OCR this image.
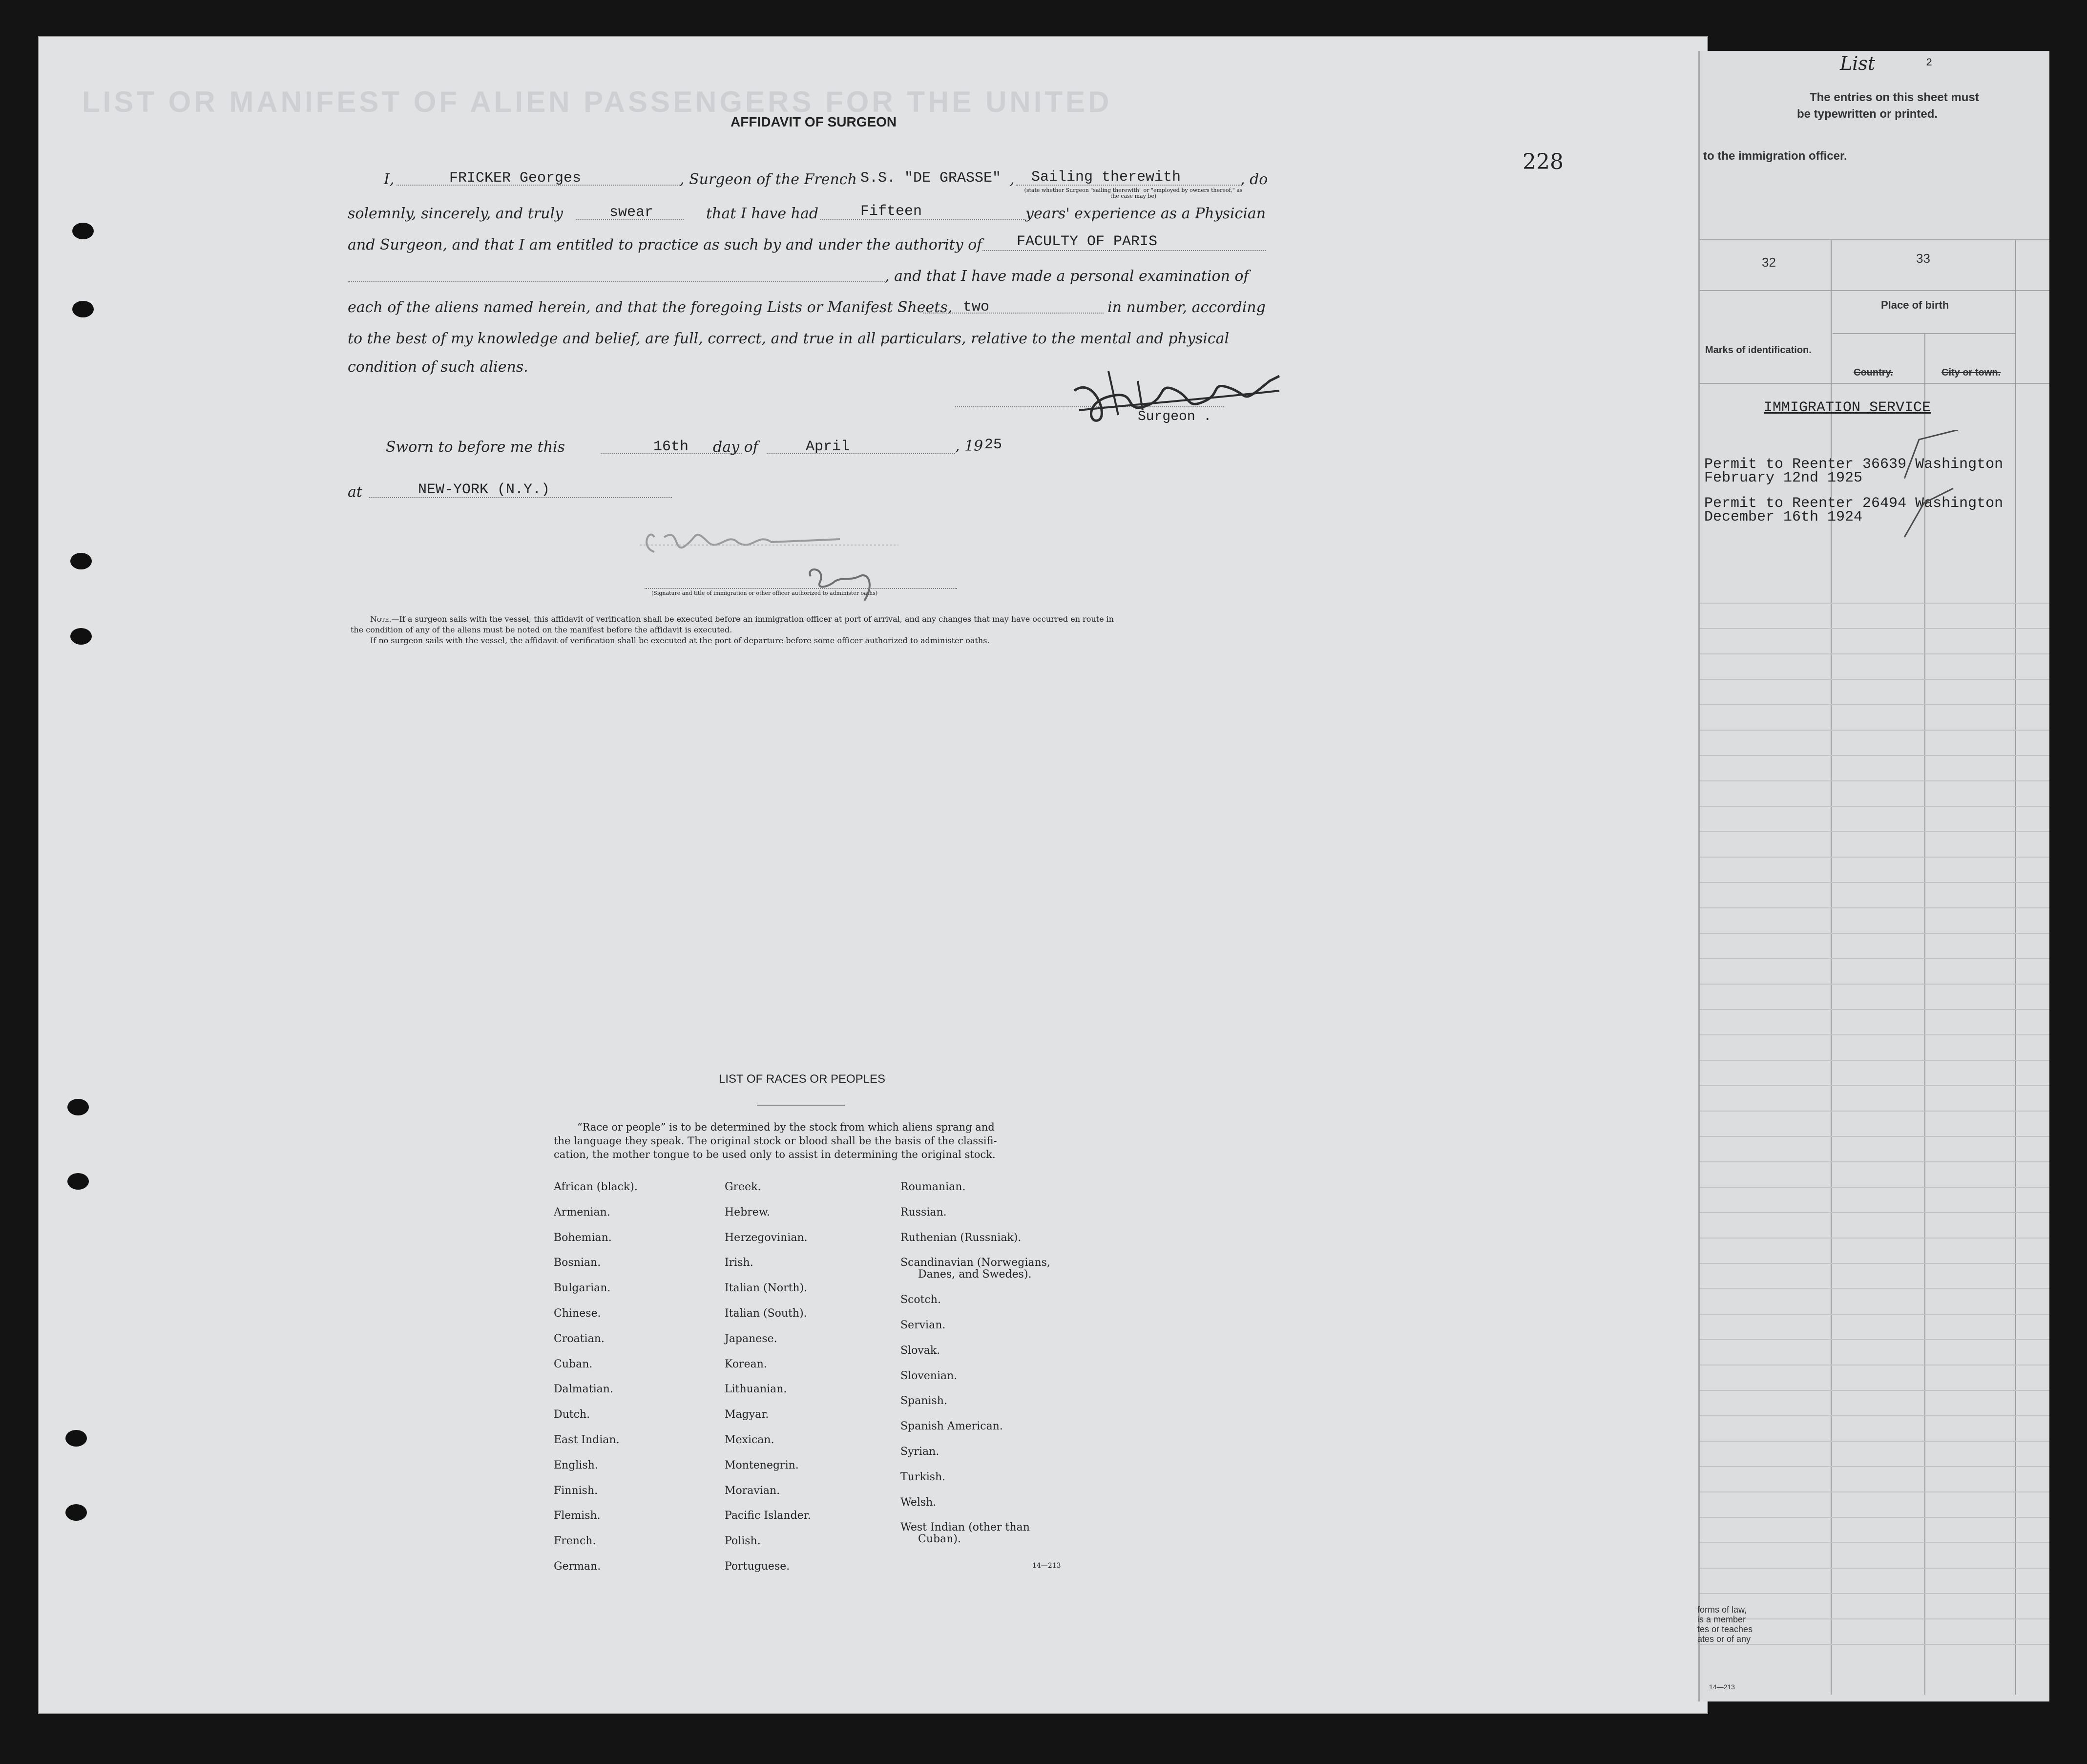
LIST OR MANIFEST OF ALIEN PASSENGERS FOR THE UNITED
228
AFFIDAVIT OF SURGEON
I,	FRICKER Georges	, Surgeon of the French S.S. "DE GRASSE" , Sailing therewith	, do
(state whether Surgeon "sailing therewith" or "employed by owners thereof," as the case may be)
solemnly, sincerely, and truly	swear	that I have had	Fifteen	years' experience as a Physician
and Surgeon, and that I am entitled to practice as such by and under the authority of FACULTY OF PARIS
, and that I have made a personal examination of
each of the aliens named herein, and that the foregoing Lists or Manifest Sheets, two	in number, according
to the best of my knowledge and belief, are full, correct, and true in all particulars, relative to the mental and physical
condition of such aliens.
Surgeon .
Sworn to before me this	16th day of	April	, 19 25
at	NEW-YORK (N.Y.)
(Signature and title of immigration or other officer authorized to administer oaths)
Note.—If a surgeon sails with the vessel, this affidavit of verification shall be executed before an immigration officer at port of arrival, and any changes that may have occurred en route in
the condition of any of the aliens must be noted on the manifest before the affidavit is executed.
If no surgeon sails with the vessel, the affidavit of verification shall be executed at the port of departure before some officer authorized to administer oaths.
LIST OF RACES OR PEOPLES
“Race or people” is to be determined by the stock from which aliens sprang and
the language they speak. The original stock or blood shall be the basis of the classifi-
cation, the mother tongue to be used only to assist in determining the original stock.
African (black).
Armenian.
Bohemian.
Bosnian.
Bulgarian.
Chinese.
Croatian.
Cuban.
Dalmatian.
Dutch.
East Indian.
English.
Finnish.
Flemish.
French.
German.
Greek.
Hebrew.
Herzegovinian.
Irish.
Italian (North).
Italian (South).
Japanese.
Korean.
Lithuanian.
Magyar.
Mexican.
Montenegrin.
Moravian.
Pacific Islander.
Polish.
Portuguese.
Roumanian.
Russian.
Ruthenian (Russniak).
Scandinavian (Norwegians,
Danes, and Swedes).
Scotch.
Servian.
Slovak.
Slovenian.
Spanish.
Spanish American.
Syrian.
Turkish.
Welsh.
West Indian (other than
Cuban).
14—213
List	2
The entries on this sheet must
be typewritten or printed.
to the immigration officer.
32	33
Marks of identification.
Place of birth
Country.	City or town.
IMMIGRATION SERVICE
Permit to Reenter 36639 Washington
February 12nd 1925
Permit to Reenter 26494 Washington
December 16th 1924
forms of law,
is a member
tes or teaches
ates or of any
14—213
